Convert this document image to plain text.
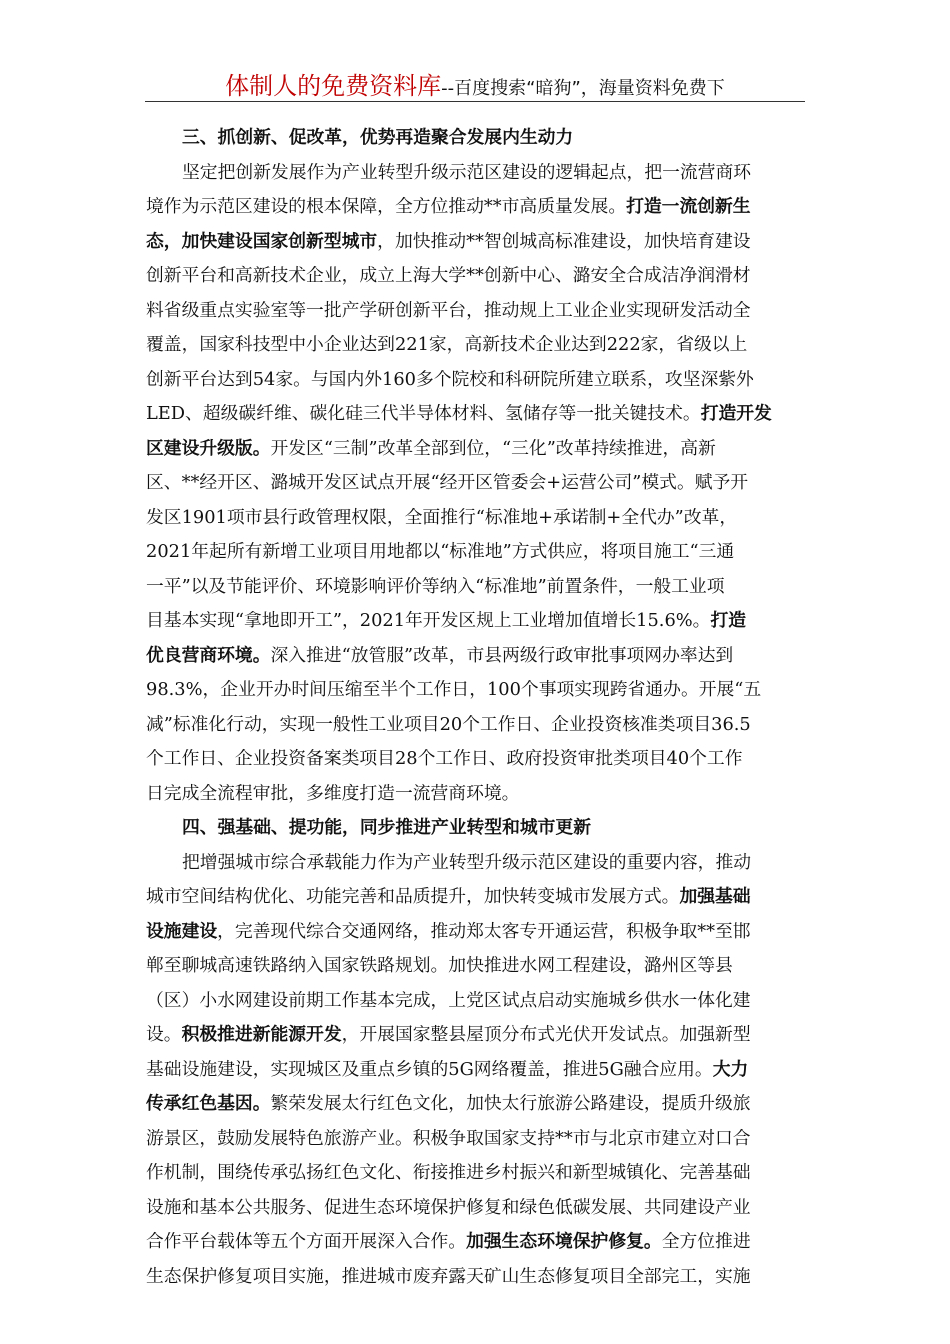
体制人的免费资料库--百度搜索“暗狗”，海量资料免费下
三、抓创新、促改革，优势再造聚合发展内生动力
坚定把创新发展作为产业转型升级示范区建设的逻辑起点，把一流营商环
境作为示范区建设的根本保障，全方位推动**市高质量发展。打造一流创新生
态，加快建设国家创新型城市，加快推动**智创城高标准建设，加快培育建设
创新平台和高新技术企业，成立上海大学**创新中心、潞安全合成洁净润滑材
料省级重点实验室等一批产学研创新平台，推动规上工业企业实现研发活动全
覆盖，国家科技型中小企业达到221家，高新技术企业达到222家，省级以上
创新平台达到54家。与国内外160多个院校和科研院所建立联系，攻坚深紫外
LED、超级碳纤维、碳化硅三代半导体材料、氢储存等一批关键技术。打造开发
区建设升级版。开发区“三制”改革全部到位，“三化”改革持续推进，高新
区、**经开区、潞城开发区试点开展“经开区管委会+运营公司”模式。赋予开
发区1901项市县行政管理权限，全面推行“标准地+承诺制+全代办”改革，
2021年起所有新增工业项目用地都以“标准地”方式供应，将项目施工“三通
一平”以及节能评价、环境影响评价等纳入“标准地”前置条件，一般工业项
目基本实现“拿地即开工”，2021年开发区规上工业增加值增长15.6%。打造
优良营商环境。深入推进“放管服”改革，市县两级行政审批事项网办率达到
98.3%，企业开办时间压缩至半个工作日，100个事项实现跨省通办。开展“五
减”标准化行动，实现一般性工业项目20个工作日、企业投资核准类项目36.5
个工作日、企业投资备案类项目28个工作日、政府投资审批类项目40个工作
日完成全流程审批，多维度打造一流营商环境。
四、强基础、提功能，同步推进产业转型和城市更新
把增强城市综合承载能力作为产业转型升级示范区建设的重要内容，推动
城市空间结构优化、功能完善和品质提升，加快转变城市发展方式。加强基础
设施建设，完善现代综合交通网络，推动郑太客专开通运营，积极争取**至邯
郸至聊城高速铁路纳入国家铁路规划。加快推进水网工程建设，潞州区等县
（区）小水网建设前期工作基本完成，上党区试点启动实施城乡供水一体化建
设。积极推进新能源开发，开展国家整县屋顶分布式光伏开发试点。加强新型
基础设施建设，实现城区及重点乡镇的5G网络覆盖，推进5G融合应用。大力
传承红色基因。繁荣发展太行红色文化，加快太行旅游公路建设，提质升级旅
游景区，鼓励发展特色旅游产业。积极争取国家支持**市与北京市建立对口合
作机制，围绕传承弘扬红色文化、衔接推进乡村振兴和新型城镇化、完善基础
设施和基本公共服务、促进生态环境保护修复和绿色低碳发展、共同建设产业
合作平台载体等五个方面开展深入合作。加强生态环境保护修复。全方位推进
生态保护修复项目实施，推进城市废弃露天矿山生态修复项目全部完工，实施
